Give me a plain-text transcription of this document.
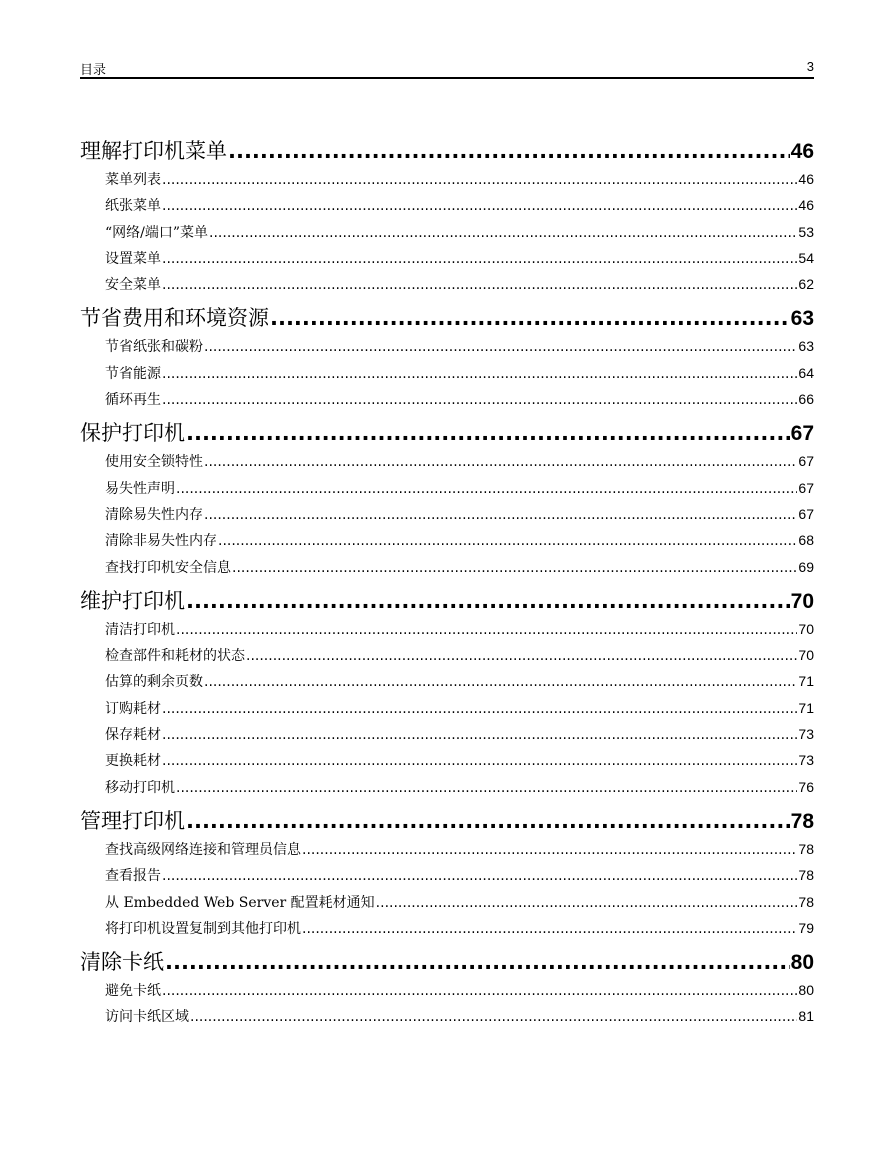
目录	3
理解打印机菜单 .....	46
菜单列表 .....	46
纸张菜单 .....	46
“网络/端口”菜单 .....	53
设置菜单 .....	54
安全菜单 .....	62
节省费用和环境资源 .....	63
节省纸张和碳粉 .....	63
节省能源 .....	64
循环再生 .....	66
保护打印机 .....	67
使用安全锁特性 .....	67
易失性声明 .....	67
清除易失性内存 .....	67
清除非易失性内存 .....	68
查找打印机安全信息 .....	69
维护打印机 .....	70
清洁打印机 .....	70
检查部件和耗材的状态 .....	70
估算的剩余页数 .....	71
订购耗材 .....	71
保存耗材 .....	73
更换耗材 .....	73
移动打印机 .....	76
管理打印机 .....	78
查找高级网络连接和管理员信息 .....	78
查看报告 .....	78
从 Embedded Web Server 配置耗材通知 .....	78
将打印机设置复制到其他打印机 .....	79
清除卡纸 .....	80
避免卡纸 .....	80
访问卡纸区域 .....	81
